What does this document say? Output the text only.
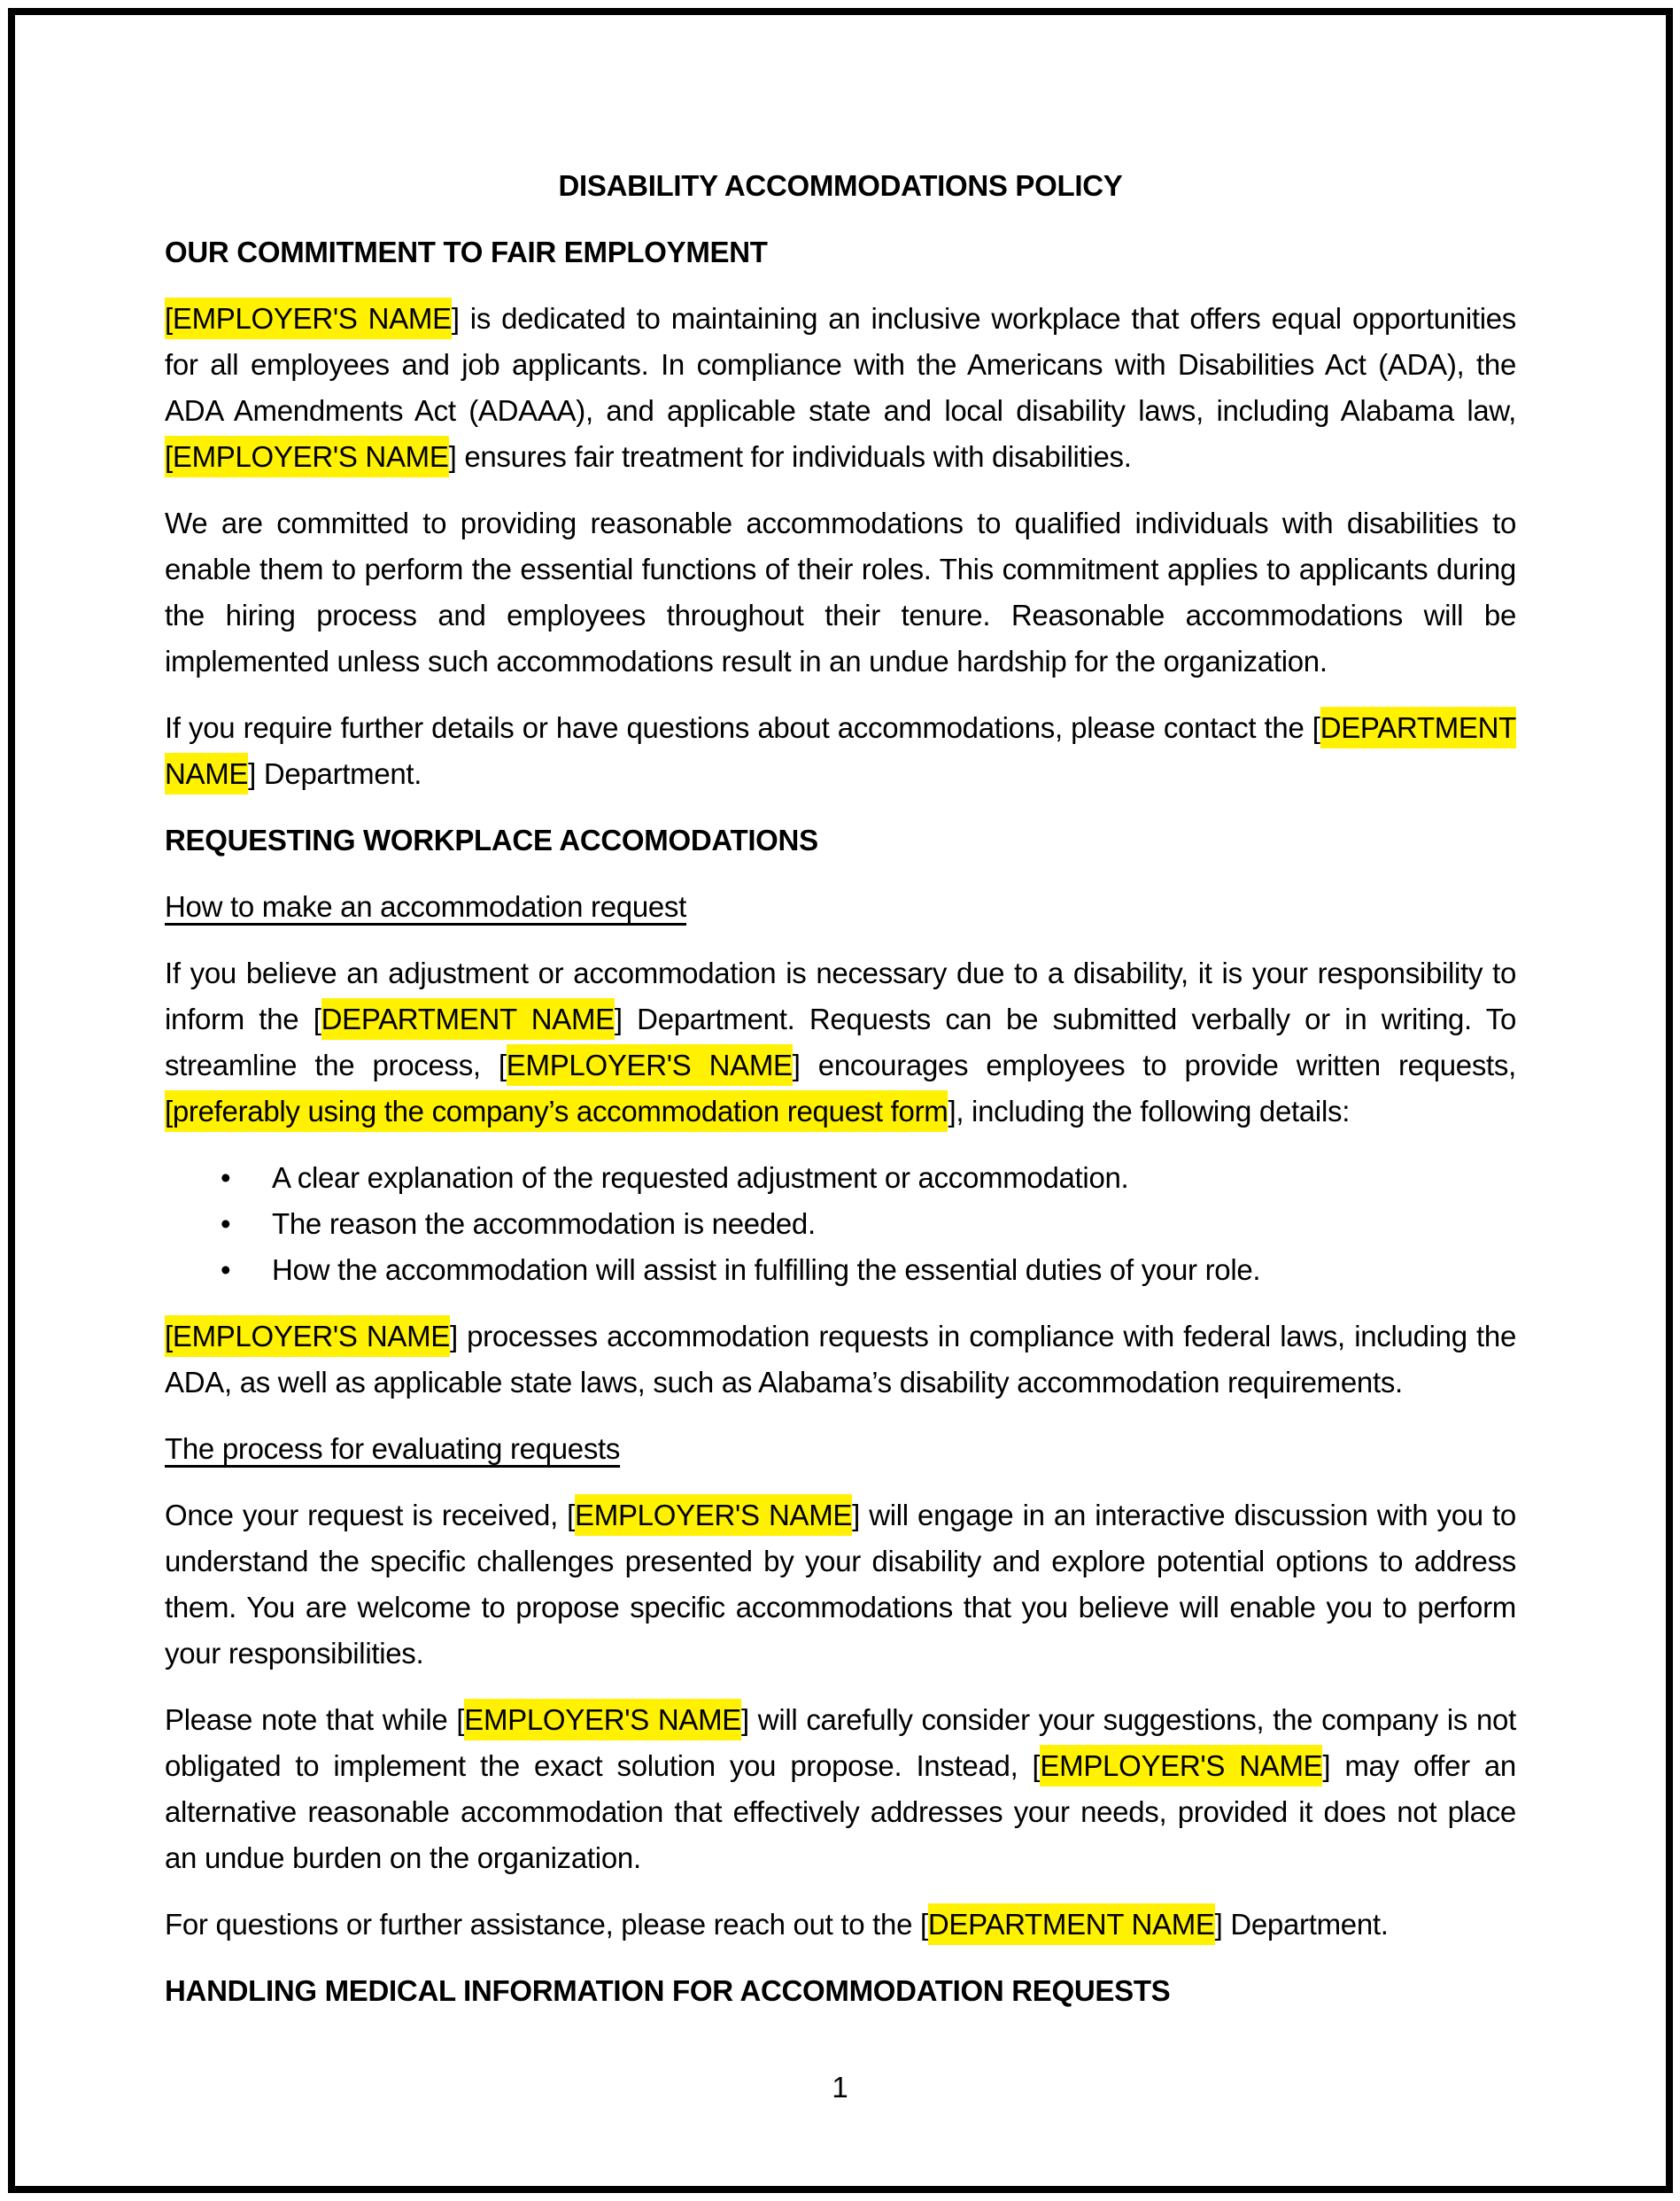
DISABILITY ACCOMMODATIONS POLICY
OUR COMMITMENT TO FAIR EMPLOYMENT

[EMPLOYER'S NAME] is dedicated to maintaining an inclusive workplace that offers equal opportunities for all employees and job applicants. In compliance with the Americans with Disabilities Act (ADA), the ADA Amendments Act (ADAAA), and applicable state and local disability laws, including Alabama law, [EMPLOYER'S NAME] ensures fair treatment for individuals with disabilities.

We are committed to providing reasonable accommodations to qualified individuals with disabilities to enable them to perform the essential functions of their roles. This commitment applies to applicants during the hiring process and employees throughout their tenure. Reasonable accommodations will be implemented unless such accommodations result in an undue hardship for the organization.

If you require further details or have questions about accommodations, please contact the [DEPARTMENT NAME] Department.

REQUESTING WORKPLACE ACCOMODATIONS
How to make an accommodation request

If you believe an adjustment or accommodation is necessary due to a disability, it is your responsibility to inform the [DEPARTMENT NAME] Department. Requests can be submitted verbally or in writing. To streamline the process, [EMPLOYER'S NAME] encourages employees to provide written requests, [preferably using the company’s accommodation request form], including the following details:

• A clear explanation of the requested adjustment or accommodation.
• The reason the accommodation is needed.
• How the accommodation will assist in fulfilling the essential duties of your role.

[EMPLOYER'S NAME] processes accommodation requests in compliance with federal laws, including the ADA, as well as applicable state laws, such as Alabama’s disability accommodation requirements.

The process for evaluating requests

Once your request is received, [EMPLOYER'S NAME] will engage in an interactive discussion with you to understand the specific challenges presented by your disability and explore potential options to address them. You are welcome to propose specific accommodations that you believe will enable you to perform your responsibilities.

Please note that while [EMPLOYER'S NAME] will carefully consider your suggestions, the company is not obligated to implement the exact solution you propose. Instead, [EMPLOYER'S NAME] may offer an alternative reasonable accommodation that effectively addresses your needs, provided it does not place an undue burden on the organization.

For questions or further assistance, please reach out to the [DEPARTMENT NAME] Department.

HANDLING MEDICAL INFORMATION FOR ACCOMMODATION REQUESTS
1
